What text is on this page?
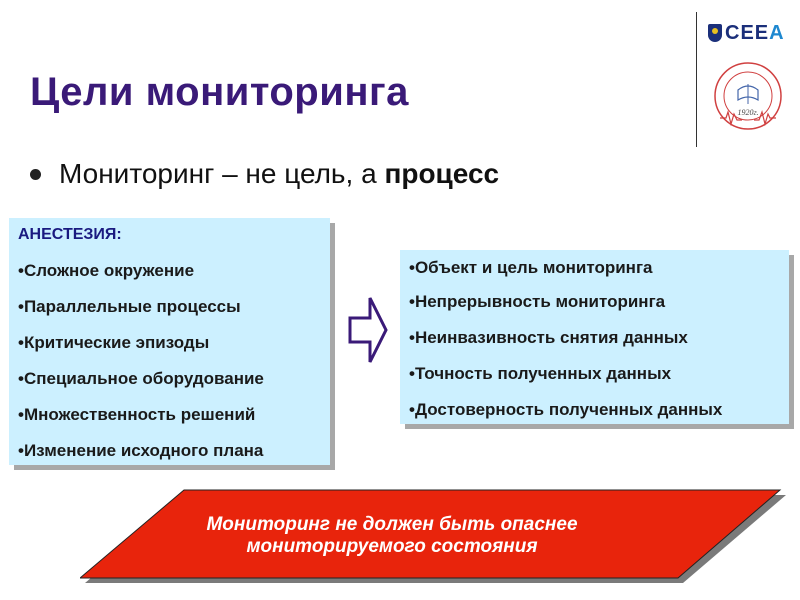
Цели мониторинга
CEEA
1920г.
Мониторинг – не цель, а процесс
АНЕСТЕЗИЯ:
•Сложное окружение
•Параллельные процессы
•Критические эпизоды
•Специальное оборудование
•Множественность решений
•Изменение исходного плана
•Объект и цель мониторинга
•Непрерывность мониторинга
•Неинвазивность снятия данных
•Точность полученных данных
•Достоверность полученных данных
Мониторинг не должен быть опаснее
мониторируемого состояния
